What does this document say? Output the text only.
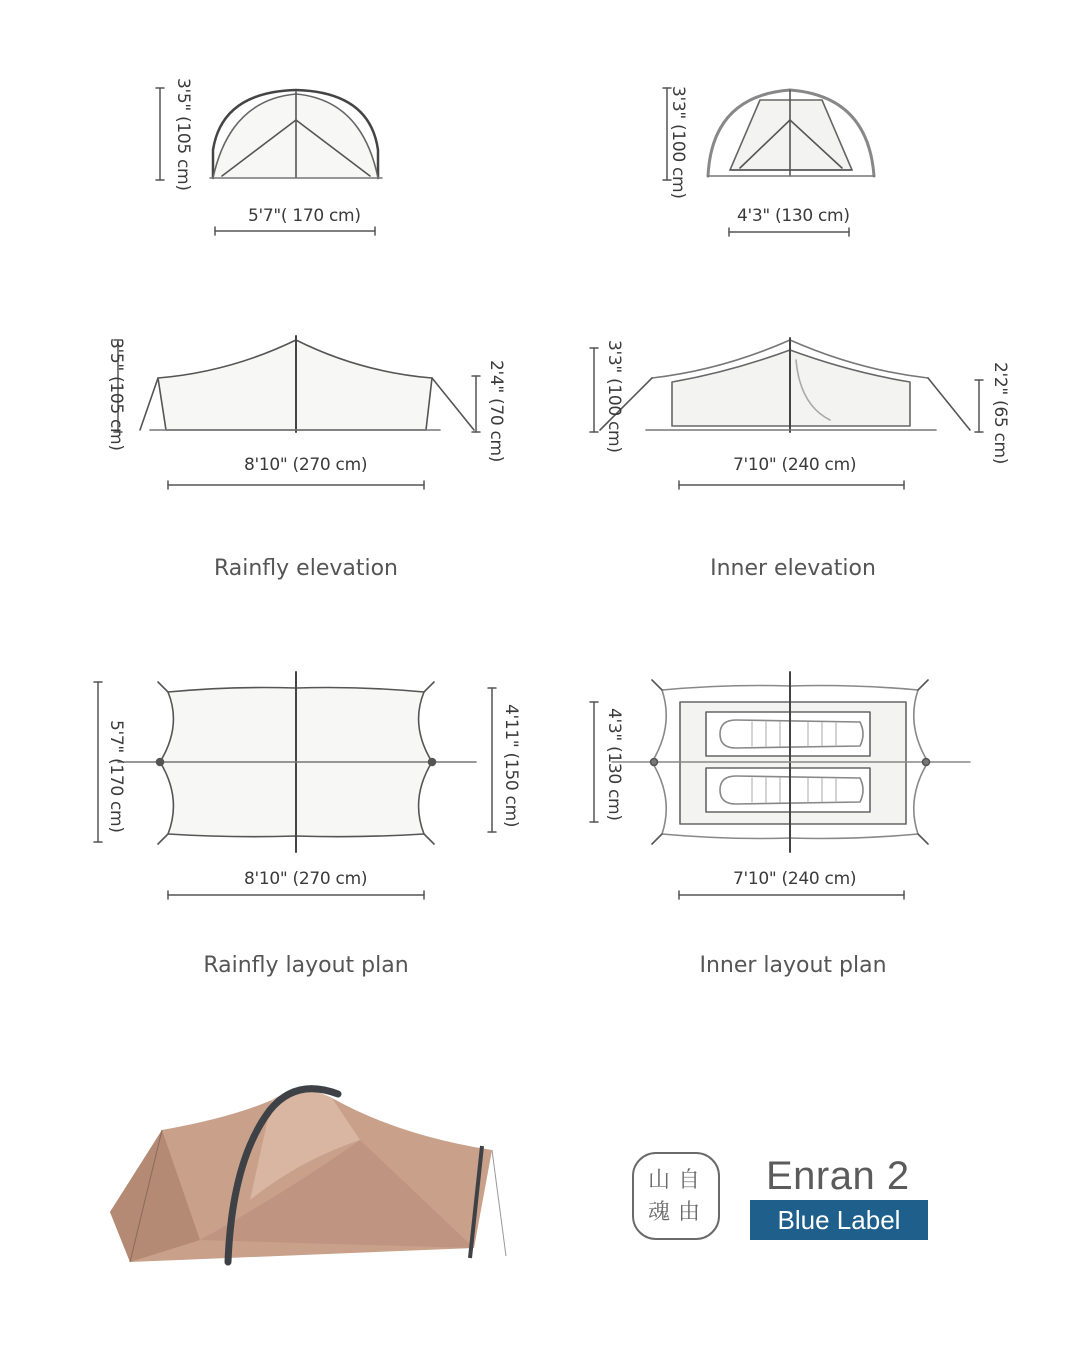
3'5" (105 cm)
5'7"( 170 cm)
3'3" (100 cm)
4'3" (130 cm)
3'5" (105 cm)	2'4" (70 cm)
8'10" (270 cm)
Rainfly elevation
3'3" (100 cm)	2'2" (65 cm)
7'10" (240 cm)
Inner elevation
5'7" (170 cm)	4'11" (150 cm)
8'10" (270 cm)
Rainfly layout plan
4'3" (130 cm)
7'10" (240 cm)
Inner layout plan
自
由
山
魂
Enran 2
Blue Label
